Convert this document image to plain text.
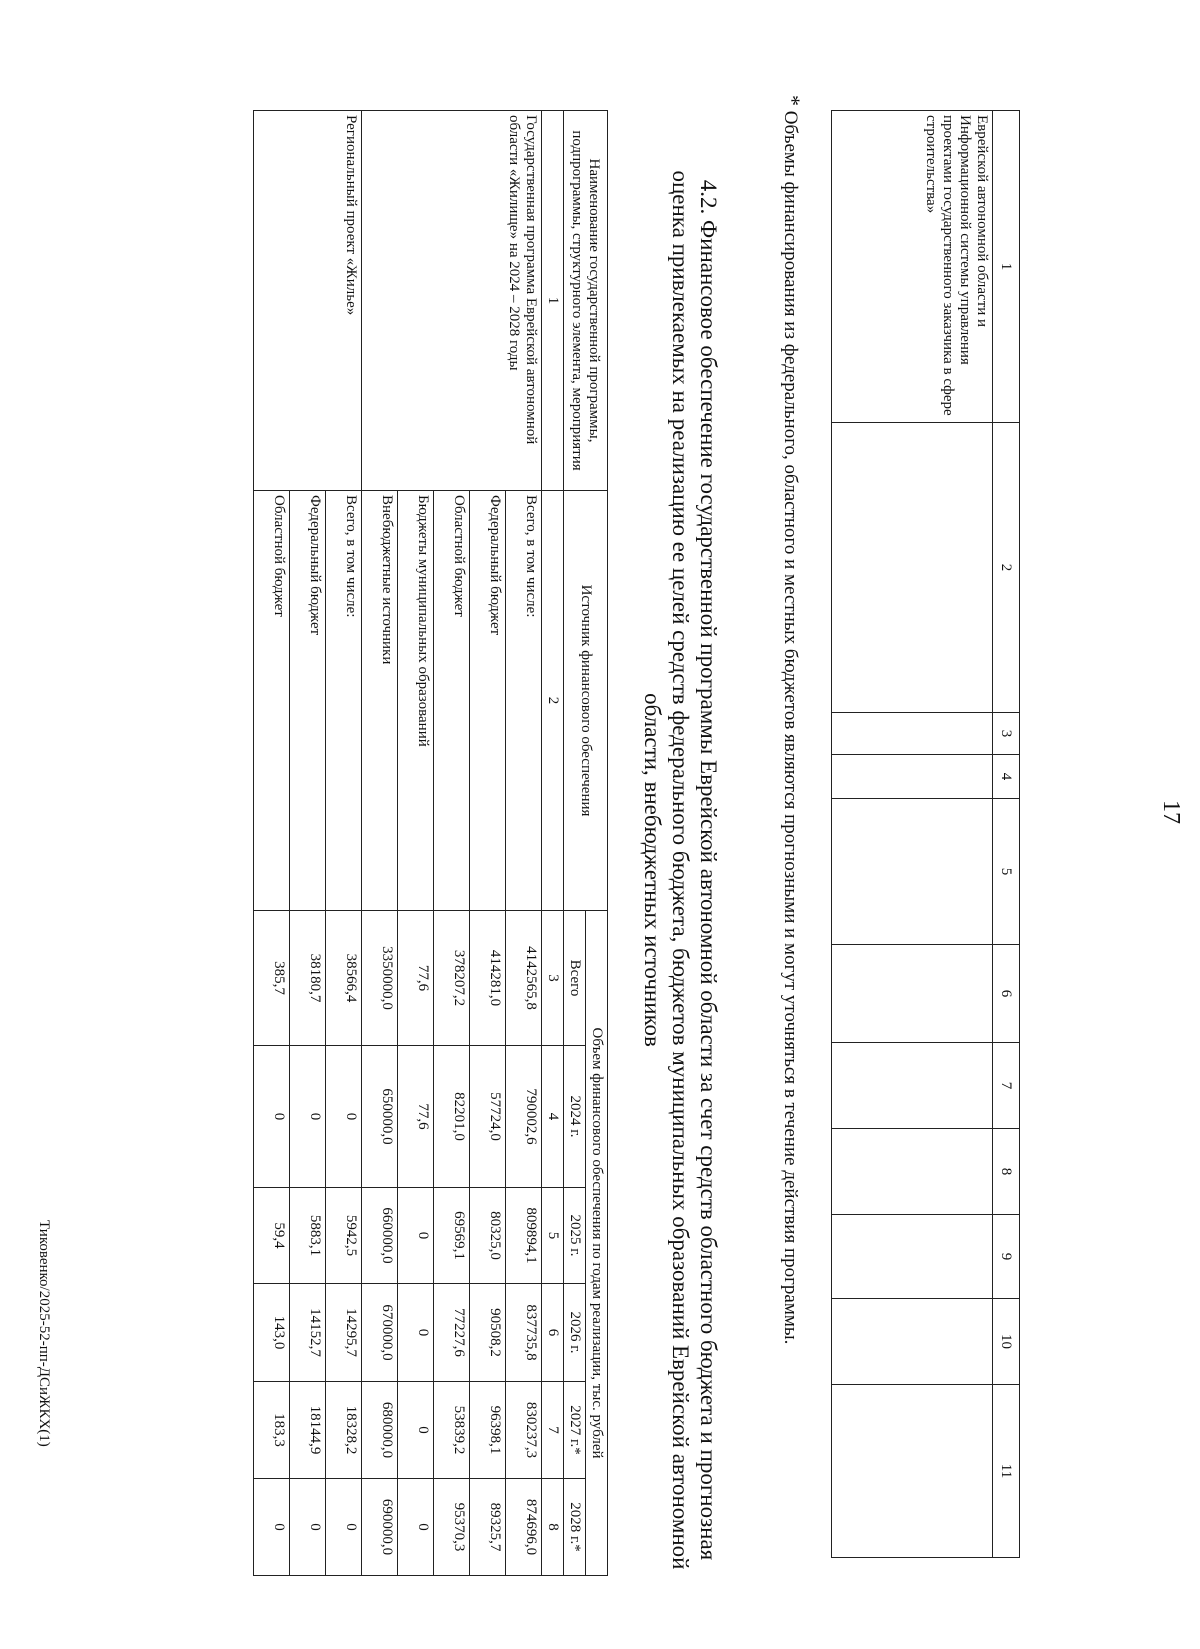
17
1	2	3	4	5	6	7	8	9	10	11
Еврейской автономной области и Информационной системы управления проектами государственного заказчика в сфере строительства»										
* Объемы финансирования из федерального, областного и местных бюджетов являются прогнозными и могут уточняться в течение действия программы.
4.2. Финансовое обеспечение государственной программы Еврейской автономной области за счет средств областного бюджета и прогнозная оценка привлекаемых на реализацию ее целей средств федерального бюджета, бюджетов муниципальных образований Еврейской автономной области, внебюджетных источников
Наименование государственной программы, подпрограммы, структурного элемента, мероприятия	Источник финансового обеспечения	Объем финансового обеспечения по годам реализации, тыс. рублей					
		Всего	2024 г.	2025 г.	2026 г.	2027 г.*	2028 г.*
1	2	3	4	5	6	7	8
Государственная программа Еврейской автономной области «Жилище» на 2024 – 2028 годы	Всего, в том числе:	4142565,8	790002,6	809894,1	837735,8	830237,3	874696,0
	Федеральный бюджет	414281,0	57724,0	80325,0	90508,2	96398,1	89325,7
	Областной бюджет	378207,2	82201,0	69569,1	77227,6	53839,2	95370,3
	Бюджеты муниципальных образований	77,6	77,6	0	0	0	0
	Внебюджетные источники	3350000,0	650000,0	660000,0	670000,0	680000,0	690000,0
Региональный проект «Жилье»	Всего, в том числе:	38566,4	0	5942,5	14295,7	18328,2	0
	Федеральный бюджет	38180,7	0	5883,1	14152,7	18144,9	0
	Областной бюджет	385,7	0	59,4	143,0	183,3	0
Тиковенко/2025-52-пп-ДСиЖКХ(1)
